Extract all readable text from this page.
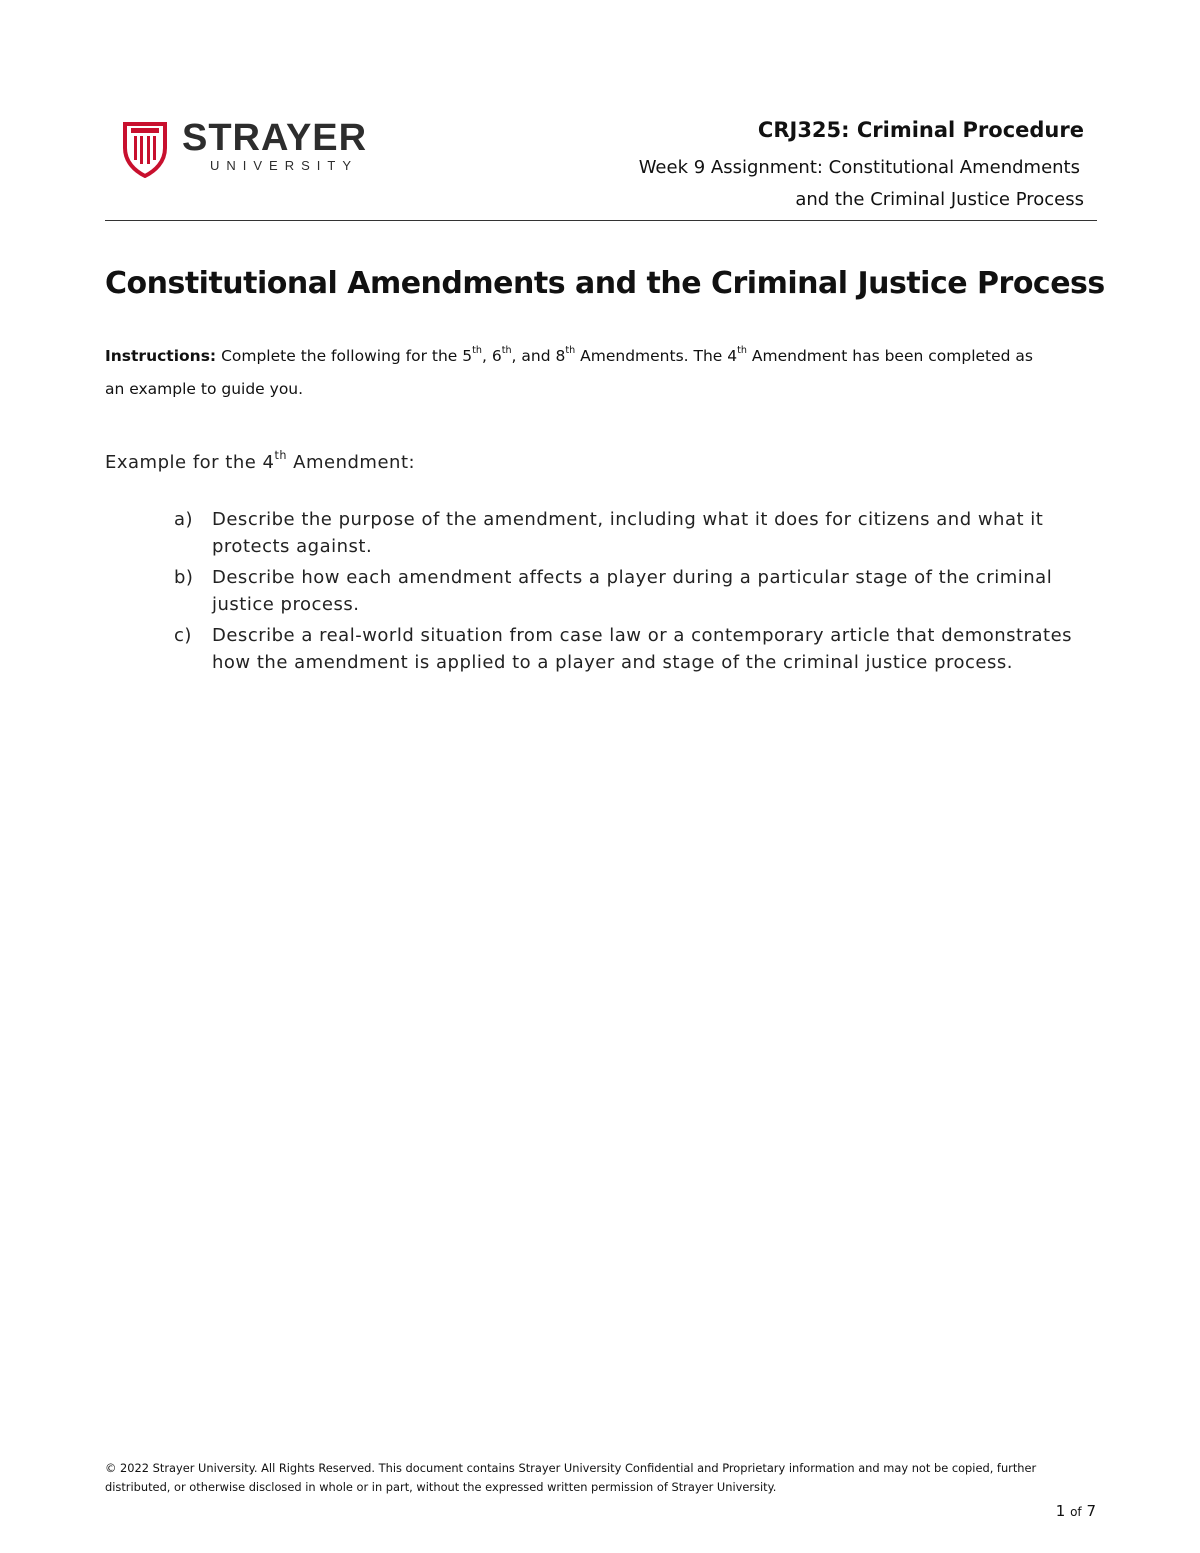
STRAYER
UNIVERSITY
CRJ325: Criminal Procedure
Week 9 Assignment: Constitutional Amendments
and the Criminal Justice Process
Constitutional Amendments and the Criminal Justice Process
Instructions: Complete the following for the 5th, 6th, and 8th Amendments. The 4th Amendment has been completed as an example to guide you.
Example for the 4th Amendment:
a) Describe the purpose of the amendment, including what it does for citizens and what it protects against.
b) Describe how each amendment affects a player during a particular stage of the criminal justice process.
c) Describe a real-world situation from case law or a contemporary article that demonstrates how the amendment is applied to a player and stage of the criminal justice process.
© 2022 Strayer University. All Rights Reserved. This document contains Strayer University Confidential and Proprietary information and may not be copied, further distributed, or otherwise disclosed in whole or in part, without the expressed written permission of Strayer University.
1 of 7
